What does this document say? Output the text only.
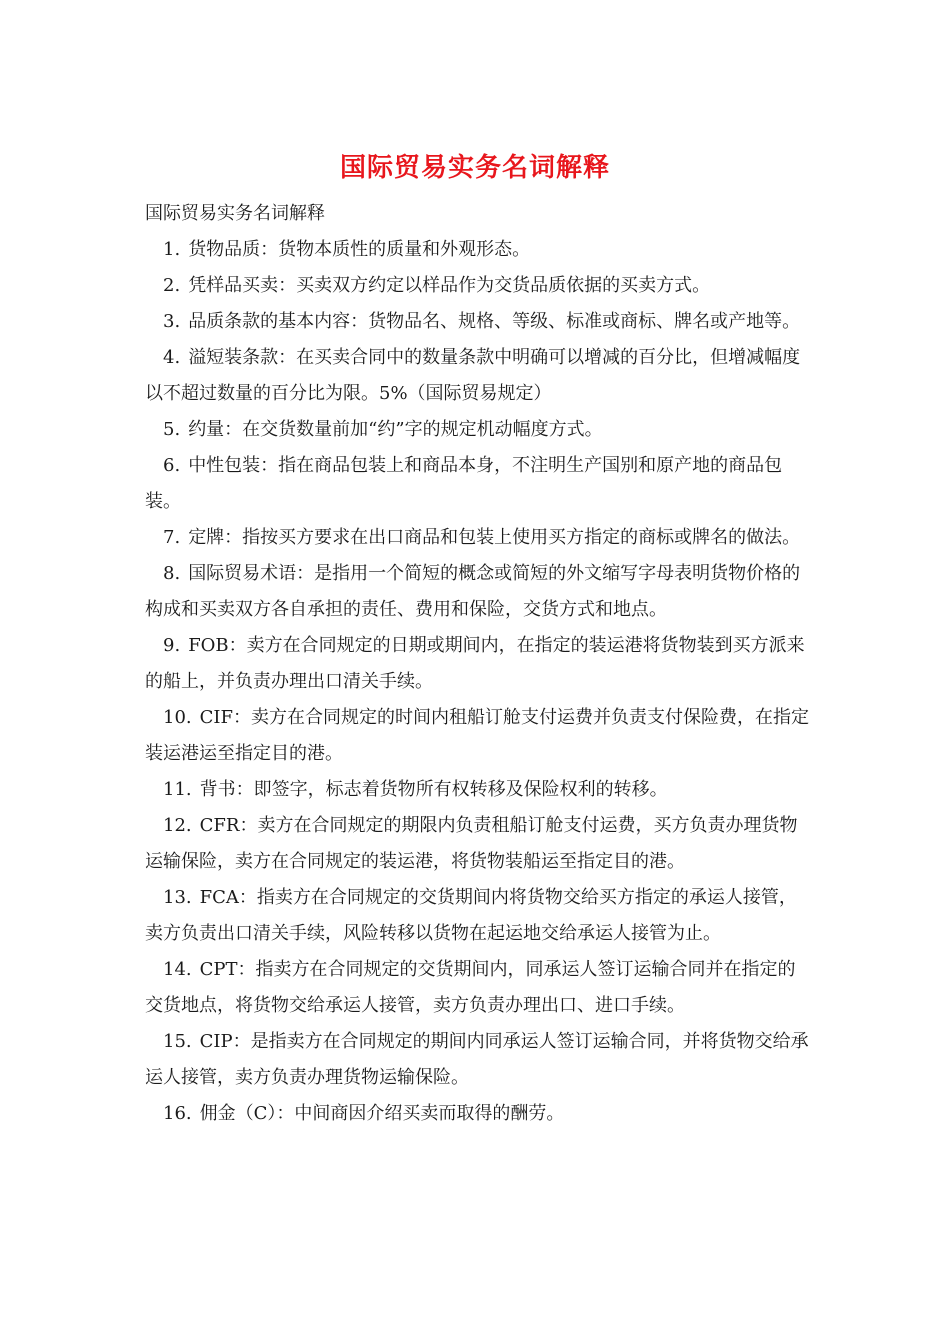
国际贸易实务名词解释

国际贸易实务名词解释

1. 货物品质：货物本质性的质量和外观形态。

2. 凭样品买卖：买卖双方约定以样品作为交货品质依据的买卖方式。

3. 品质条款的基本内容：货物品名、规格、等级、标准或商标、牌名或产地等。

4. 溢短装条款：在买卖合同中的数量条款中明确可以增减的百分比，但增减幅度以不超过数量的百分比为限。5%（国际贸易规定）

5. 约量：在交货数量前加“约”字的规定机动幅度方式。

6. 中性包装：指在商品包装上和商品本身，不注明生产国别和原产地的商品包装。

7. 定牌：指按买方要求在出口商品和包装上使用买方指定的商标或牌名的做法。

8. 国际贸易术语：是指用一个简短的概念或简短的外文缩写字母表明货物价格的构成和买卖双方各自承担的责任、费用和保险，交货方式和地点。

9. FOB：卖方在合同规定的日期或期间内，在指定的装运港将货物装到买方派来的船上，并负责办理出口清关手续。

10. CIF：卖方在合同规定的时间内租船订舱支付运费并负责支付保险费，在指定装运港运至指定目的港。

11. 背书：即签字，标志着货物所有权转移及保险权利的转移。

12. CFR：卖方在合同规定的期限内负责租船订舱支付运费，买方负责办理货物运输保险，卖方在合同规定的装运港，将货物装船运至指定目的港。

13. FCA：指卖方在合同规定的交货期间内将货物交给买方指定的承运人接管，卖方负责出口清关手续，风险转移以货物在起运地交给承运人接管为止。

14. CPT：指卖方在合同规定的交货期间内，同承运人签订运输合同并在指定的交货地点，将货物交给承运人接管，卖方负责办理出口、进口手续。

15. CIP：是指卖方在合同规定的期间内同承运人签订运输合同，并将货物交给承运人接管，卖方负责办理货物运输保险。

16. 佣金（C）：中间商因介绍买卖而取得的酬劳。
